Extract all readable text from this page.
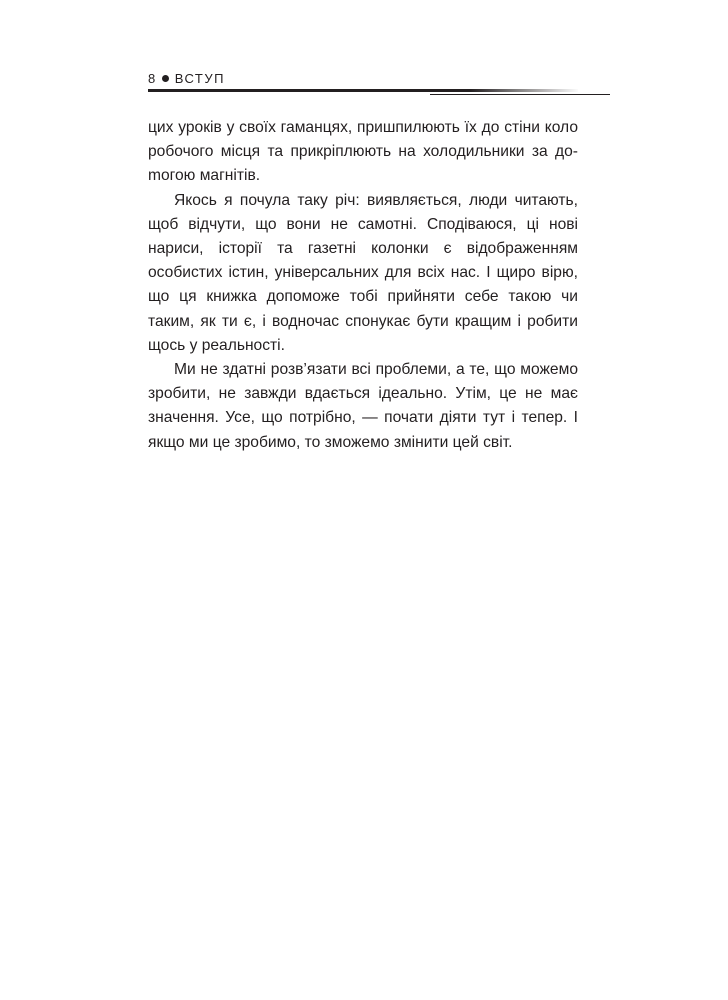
8 ВСТУП

цих уроків у своїх гаманцях, пришпилюють їх до стіни коло робочого місця та прикріплюють на холодильники за доmогою магнітів.

Якось я почула таку річ: виявляється, люди читають, щоб відчути, що вони не самотні. Сподіваюся, ці нові нариси, історії та газетні колонки є відображенням особистих істин, універсальних для всіх нас. І щиро вірю, що ця книжка допоможе тобі прийняти себе такою чи таким, як ти є, і водночас спонукає бути кращим і робити щось у реальності.

Ми не здатні розв’язати всі проблеми, а те, що можемо зробити, не завжди вдається ідеально. Утім, це не має значення. Усе, що потрібно, — почати діяти тут і тепер. І якщо ми це зробимо, то зможемо змінити цей світ.
